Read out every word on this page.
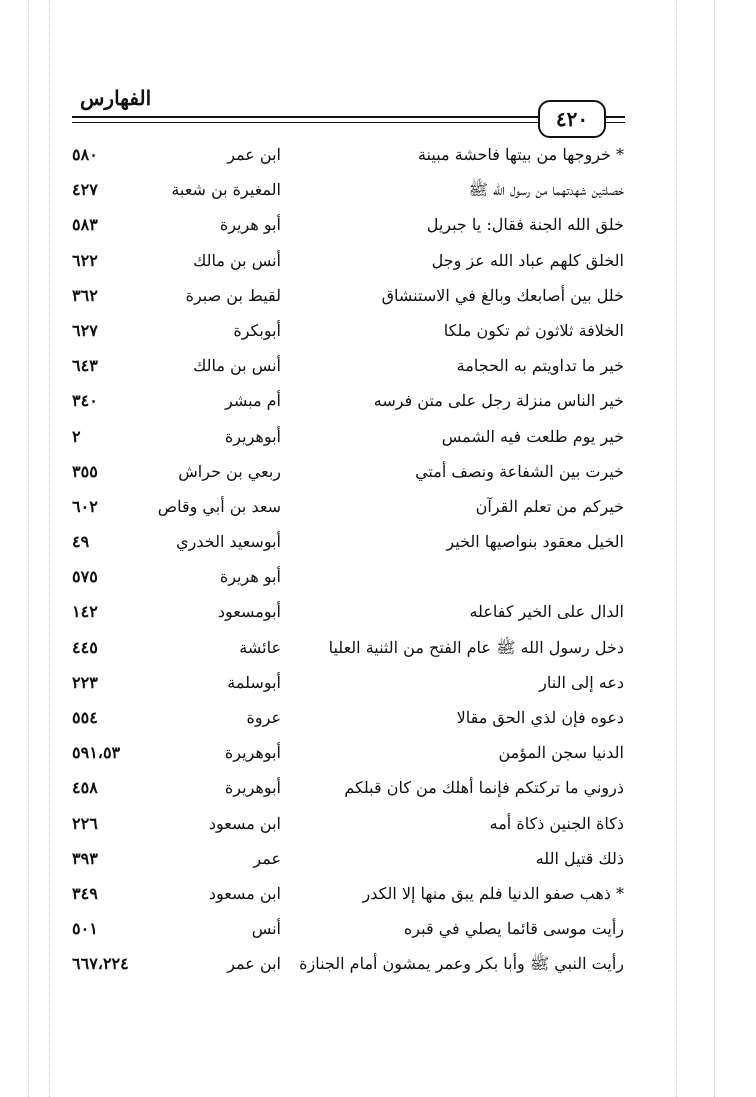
الفهارس
٤٢٠
* خروجها من بيتها فاحشة مبينة
ابن عمر
٥٨٠
خصلتين شهدتهما من رسول الله ﷺ
المغيرة بن شعبة
٤٢٧
خلق الله الجنة فقال: يا جبريل
أبو هريرة
٥٨٣
الخلق كلهم عباد الله عز وجل
أنس بن مالك
٦٢٢
خلل بين أصابعك وبالغ في الاستنشاق
لقيط بن صبرة
٣٦٢
الخلافة ثلاثون ثم تكون ملكا
أبوبكرة
٦٢٧
خير ما تداويتم به الحجامة
أنس بن مالك
٦٤٣
خير الناس منزلة رجل على متن فرسه
أم مبشر
٣٤٠
خير يوم طلعت فيه الشمس
أبوهريرة
٢
خيرت بين الشفاعة ونصف أمتي
ربعي بن حراش
٣٥٥
خيركم من تعلم القرآن
سعد بن أبي وقاص
٦٠٢
الخيل معقود بنواصيها الخير
أبوسعيد الخدري
٤٩
أبو هريرة
٥٧٥
الدال على الخير كفاعله
أبومسعود
١٤٢
دخل رسول الله ﷺ عام الفتح من الثنية العليا
عائشة
٤٤٥
دعه إلى النار
أبوسلمة
٢٢٣
دعوه فإن لذي الحق مقالا
عروة
٥٥٤
الدنيا سجن المؤمن
أبوهريرة
٥٩١،٥٣
ذروني ما تركتكم فإنما أهلك من كان قبلكم
أبوهريرة
٤٥٨
ذكاة الجنين ذكاة أمه
ابن مسعود
٢٢٦
ذلك قتيل الله
عمر
٣٩٣
* ذهب صفو الدنيا فلم يبق منها إلا الكدر
ابن مسعود
٣٤٩
رأيت موسى قائما يصلي في قبره
أنس
٥٠١
رأيت النبي ﷺ وأبا بكر وعمر يمشون أمام الجنازة
ابن عمر
٦٦٧،٢٢٤
